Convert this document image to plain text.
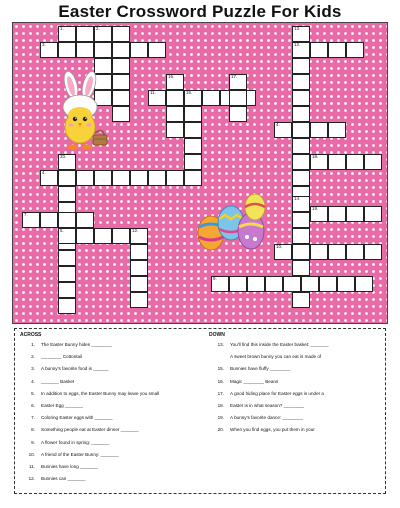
Easter Crossword Puzzle For Kids
3.
1.	2.
16.
11.	15.
17.
12.
13.
4.
18.
20.
4.
7.
5.	12.
14.
19.
10.
9.
ACROSS	DOWN
1. The Easter Bunny hides ________
2. ________ Cottontail
3. A bunny's favorite food is ______
4. _______ Basket
5. In addition to eggs, the Easter Bunny may leave you small
6. Easter Egg _______
7. Coloring Easter eggs with _______
8. Something people eat at Easter dinner _______
9. A flower found in spring: _______
10. A friend of the Easter Bunny: _______
11. Bunnies have long _______
12. Bunnies can _______
13. You'll find this inside the Easter basket: _______
A sweet brown bunny you can eat is made of
15. Bunnies have fluffy ________
16. Magic ________ Beans
17. A good hiding place for Easter eggs is under a
18. Easter is in what season? ________
19. A bunny's favorite dance: ________
20. When you find eggs, you put them in your
